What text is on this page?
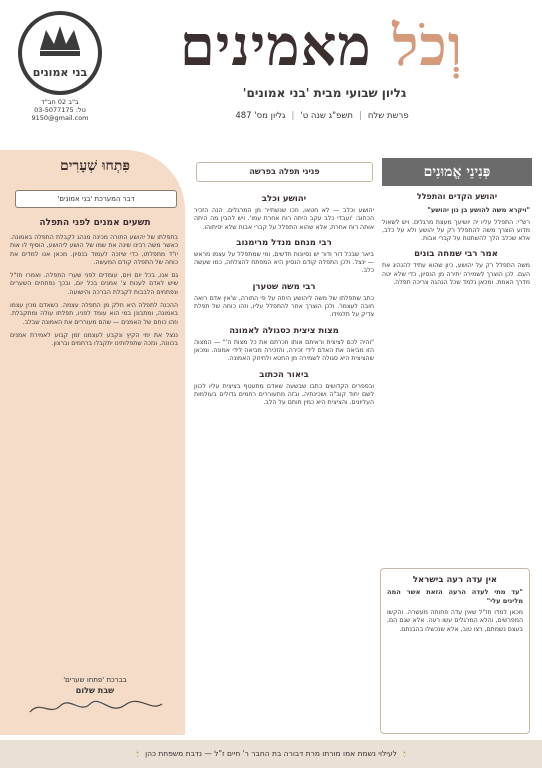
בני אמונים
ב"ב 02 חב"ד
טל: 03-5077175
9150@gmail.com
וְכֹל מאמינים
גליון שבועי מבית 'בני אמונים'
פרשת שלח
|
תשפ"ג שנה ט'
|
גליון מס' 487
פִּתְחוּ שְׁעָרִים
דבר המערכת 'בני אמונים'
תשעים אמנים לפני התפלה

בתפלתו של יהושע התורה מכינה מנהג לקבלת התפלה באמונה. כאשר משה רבינו שינה את שמו של הושע ליהושע, הוסיף לו אות יו"ד מתפלתו, כדי שיזכה לעמוד בנסיון. מכאן אנו למדים את כוחה של התפלה קודם המעשה.

גם אנו, בכל יום ויום, עומדים לפני שערי התפלה. ואמרו חז"ל שיש לאדם לענות צ' אמנים בכל יום, ובכך נפתחים השערים ונפתחים הלבבות לקבלת הברכה והישועה.

ההכנה לתפלה היא חלק מן התפלה עצמה. כשאדם מכין עצמו באמונה, ומתבונן במי הוא עומד לפניו, תפלתו עולה ומתקבלת. וזהו כוחם של האמנים — שהם מעוררים את האמונה שבלב.

ננצל את ימי הקיץ ונקבע לעצמנו זמן קבוע לאמירת אמנים בכוונה, ונזכה שתפלותינו יתקבלו ברחמים וברצון.

בברכת 'פתחו שערים'
שבת שלום
פניני תפלה בפרשה
יהושע וכלב

יהושע וכלב — לא חטאו, וזכו שנשתייר מן המרגלים. הנה הזכיר הכתוב: 'ועבדי כלב עקב היתה רוח אחרת עמו'. ויש להבין מה היתה אותה רוח אחרת, אלא שהוא התפלל על קברי אבות שלא יסיתוהו.

רבי מנחם מנדל מרימנוב

ביאר שבכל דור ודור יש נסיונות חדשים, ומי שמתפלל על עצמו מראש — ינצל. ולכן התפלה קודם הנסיון היא המפתח להצלחה, כמו שעשה כלב.

רבי משה שטערן

כתב שתפלתו של משה ליהושע היתה על פי התורה, ש'אין אדם רואה חובה לעצמו'. ולכן הוצרך אחר להתפלל עליו, וזהו כוחה של תפלת צדיק על תלמידו.

מצות ציצית כסגולה לאמונה

"והיה לכם לציצית וראיתם אותו וזכרתם את כל מצות ה'" — המצוה הזו מביאה את האדם לידי זכירה, והזכירה מביאה לידי אמונה. ומכאן שהציצית היא סגולה לשמירה מן החטא ולחיזוק האמונה.

ביאור הכתוב

ובספרים הקדושים כתבו שבשעה שאדם מתעטף בציצית עליו לכוון לשם יחוד קוב"ה ושכינתיה, ובזה מתעוררים רחמים גדולים בעולמות העליונים. והציצית היא כמין חותם על הלב.

פְּנִינֵי אֱמוּנִים
יהושע הקדים והתפלל
"ויקרא משה להושע בן נון יהושע"

רש"י: התפלל עליו יה יושיעך מעצת מרגלים. ויש לשאול מדוע הוצרך משה להתפלל רק על יהושע ולא על כלב, אלא שכלב הלך להשתטח על קברי אבות.

אמר רבי שמחה בונים

משה התפלל רק על יהושע, כיון שהוא עתיד להנהיג את העם. לכן הוצרך לשמירה יתירה מן הנסיון, כדי שלא יטה מדרך האמת. ומכאן נלמד שכל הנהגה צריכה תפלה.

אין עדה רעה בישראל
"עד מתי לעדה הרעה הזאת אשר המה מלינים עלי"

מכאן למדו חז"ל שאין עדה פחותה מעשרה. והקשו המפרשים, והלא המרגלים עשו רעה. אלא שגם הם, בעצם נשמתם, רצו טוב, אלא שנכשלו בהבנתם.

🕯 לעילוי נשמת אמו מורתו מרת דבורה בת החבר ר' חיים ז"ל — נדבת משפחת כהן 🕯
